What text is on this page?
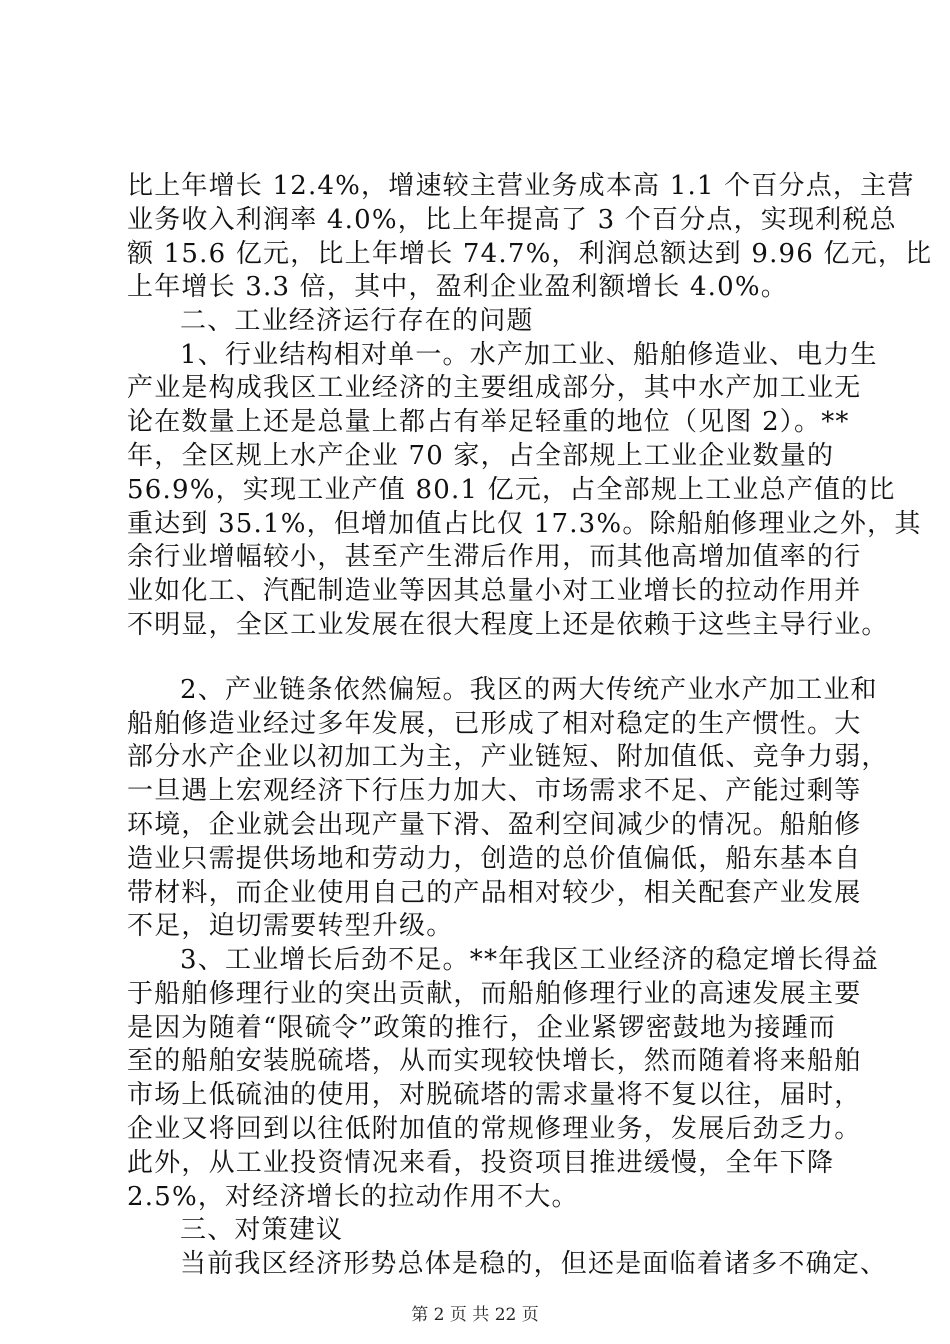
比上年增长 12.4%，增速较主营业务成本高 1.1 个百分点，主营
业务收入利润率 4.0%，比上年提高了 3 个百分点，实现利税总
额 15.6 亿元，比上年增长 74.7%，利润总额达到 9.96 亿元，比
上年增长 3.3 倍，其中，盈利企业盈利额增长 4.0%。
二、工业经济运行存在的问题
1、行业结构相对单一。水产加工业、船舶修造业、电力生
产业是构成我区工业经济的主要组成部分，其中水产加工业无
论在数量上还是总量上都占有举足轻重的地位（见图 2）。**
年，全区规上水产企业 70 家，占全部规上工业企业数量的
56.9%，实现工业产值 80.1 亿元，占全部规上工业总产值的比
重达到 35.1%，但增加值占比仅 17.3%。除船舶修理业之外，其
余行业增幅较小，甚至产生滞后作用，而其他高增加值率的行
业如化工、汽配制造业等因其总量小对工业增长的拉动作用并
不明显，全区工业发展在很大程度上还是依赖于这些主导行业。
2、产业链条依然偏短。我区的两大传统产业水产加工业和
船舶修造业经过多年发展，已形成了相对稳定的生产惯性。大
部分水产企业以初加工为主，产业链短、附加值低、竞争力弱，
一旦遇上宏观经济下行压力加大、市场需求不足、产能过剩等
环境，企业就会出现产量下滑、盈利空间减少的情况。船舶修
造业只需提供场地和劳动力，创造的总价值偏低，船东基本自
带材料，而企业使用自己的产品相对较少，相关配套产业发展
不足，迫切需要转型升级。
3、工业增长后劲不足。**年我区工业经济的稳定增长得益
于船舶修理行业的突出贡献，而船舶修理行业的高速发展主要
是因为随着“限硫令”政策的推行，企业紧锣密鼓地为接踵而
至的船舶安装脱硫塔，从而实现较快增长，然而随着将来船舶
市场上低硫油的使用，对脱硫塔的需求量将不复以往，届时，
企业又将回到以往低附加值的常规修理业务，发展后劲乏力。
此外，从工业投资情况来看，投资项目推进缓慢，全年下降
2.5%，对经济增长的拉动作用不大。
三、对策建议
当前我区经济形势总体是稳的，但还是面临着诸多不确定、
第 2 页 共 22 页
